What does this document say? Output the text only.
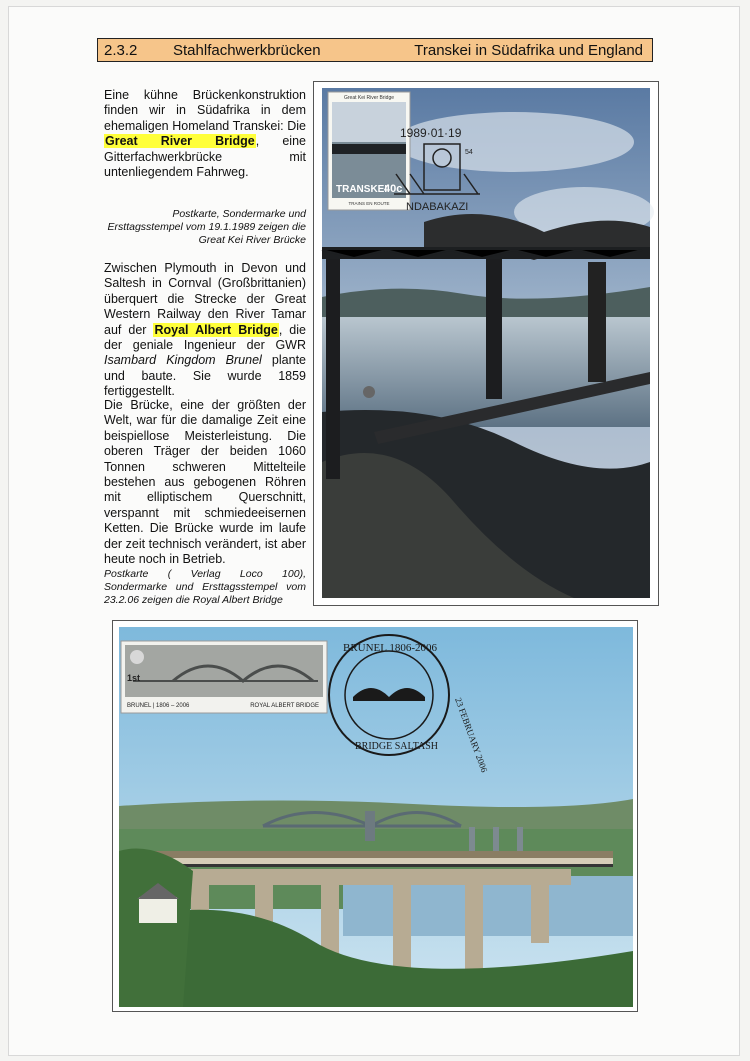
2.3.2 Stahlfachwerkbrücken	Transkei in Südafrika und England
Eine kühne Brückenkonstruktion finden wir in Südafrika in dem ehemaligen Homeland Transkei: Die Great River Bridge, eine Gitterfachwerkbrücke mit untenliegendem Fahrweg.
Postkarte, Sondermarke und Ersttagsstempel vom 19.1.1989 zeigen die Great Kei River Brücke
Zwischen Plymouth in Devon und Saltesh in Cornval (Großbrittanien) überquert die Strecke der Great Western Railway den River Tamar auf der Royal Albert Bridge, die der geniale Ingenieur der GWR Isambard Kingdom Brunel plante und baute. Sie wurde 1859 fertiggestellt.
Die Brücke, eine der größten der Welt, war für die damalige Zeit eine beispiellose Meisterleistung. Die oberen Träger der beiden 1060 Tonnen schweren Mittelteile bestehen aus gebogenen Röhren mit elliptischem Querschnitt, verspannt mit schmiedeeisernen Ketten. Die Brücke wurde im laufe der zeit technisch verändert, ist aber heute noch in Betrieb.
Postkarte ( Verlag Loco 100), Sondermarke und Ersttagsstempel vom 23.2.06 zeigen die Royal Albert Bridge
Great Kei River Bridge
TRANSKEI
40c
TRAINS EN ROUTE
1989·01·19
54
NDABAKAZI
1st
BRUNEL | 1806 – 2006	ROYAL ALBERT BRIDGE
BRUNEL 1806-2006
23 FEBRUARY 2006
BRIDGE SALTASH
